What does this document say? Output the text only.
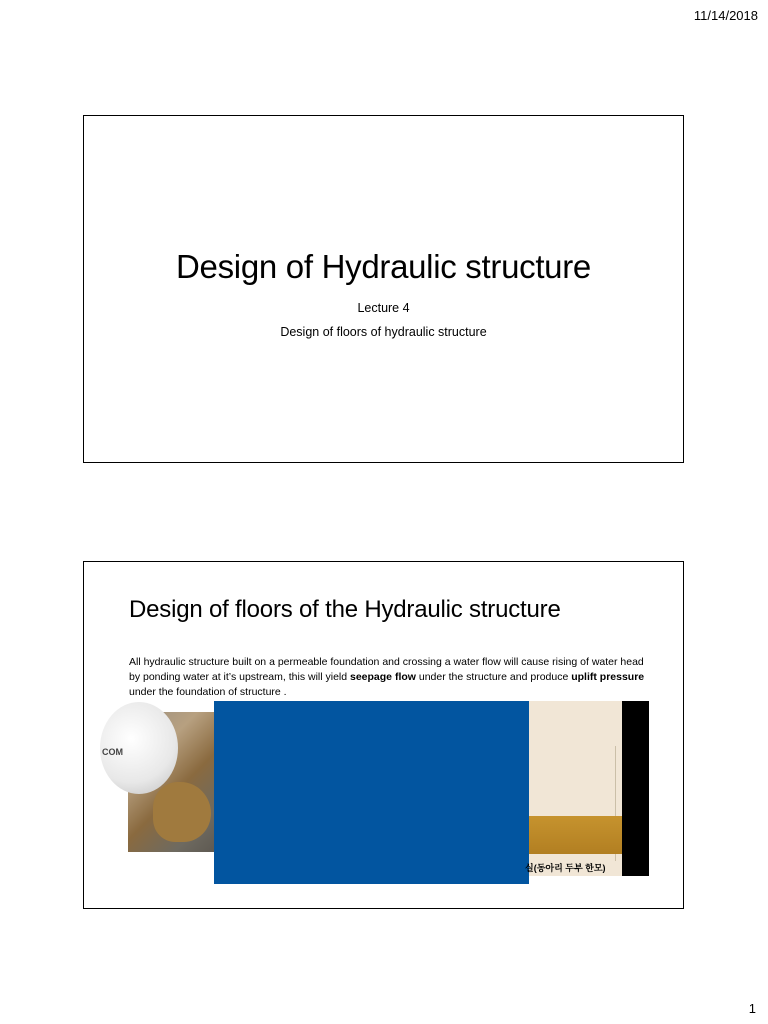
11/14/2018
Design of Hydraulic structure
Lecture 4
Design of floors of hydraulic structure
Design of floors of the Hydraulic structure
All hydraulic structure built on a permeable foundation and crossing a water flow will cause rising of water head by ponding water at it’s upstream, this will yield seepage flow under the structure and produce uplift pressure under the foundation of structure .
COM
실(동아리 두부 한모)
1
